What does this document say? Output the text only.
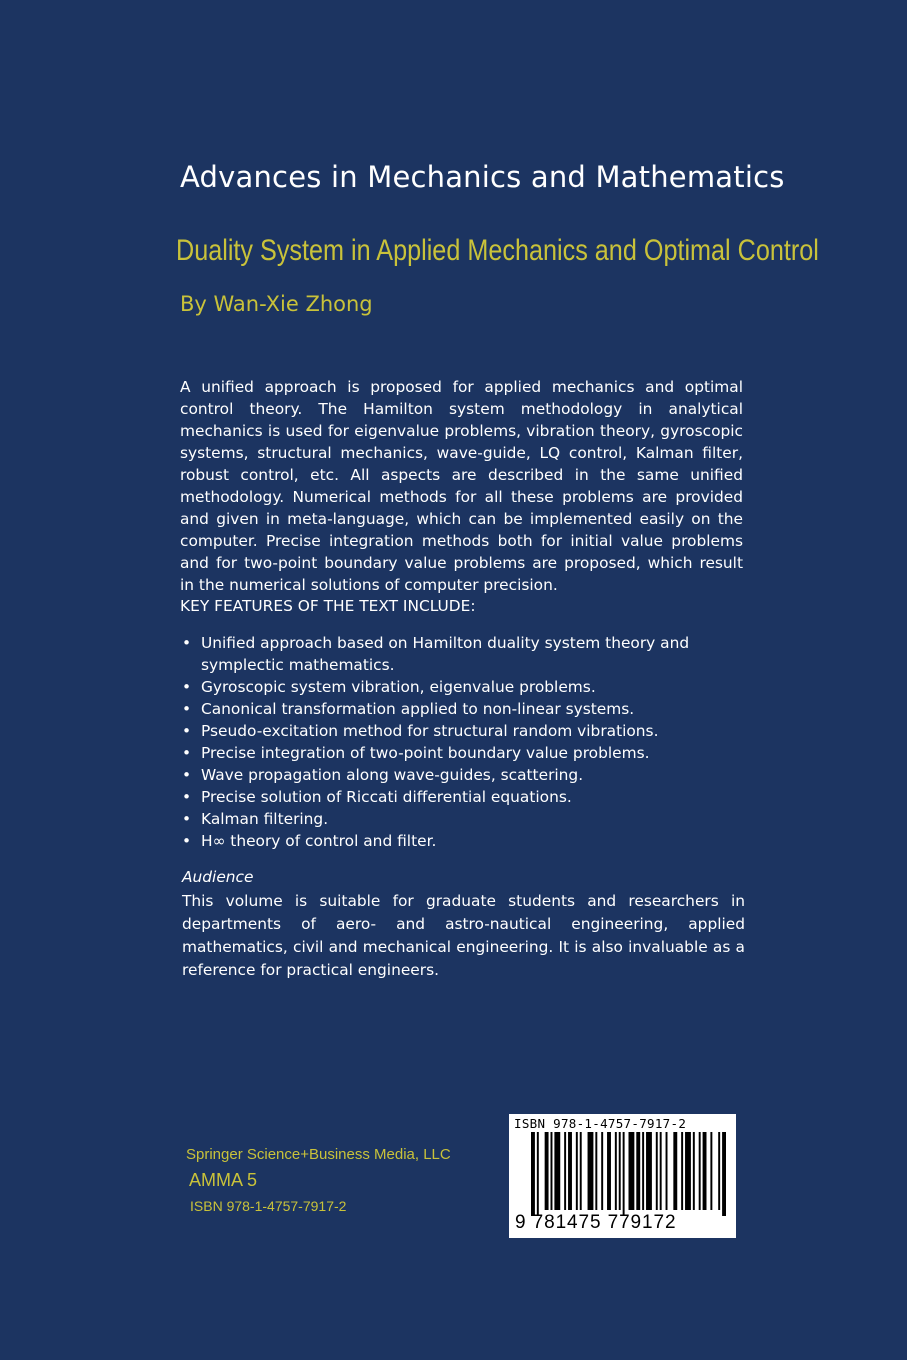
Advances in Mechanics and Mathematics
Duality System in Applied Mechanics and Optimal Control
By Wan-Xie Zhong

A unified approach is proposed for applied mechanics and optimal control theory. The Hamilton system methodology in analytical mechanics is used for eigenvalue problems, vibration theory, gyroscopic systems, structural mechanics, wave-guide, LQ control, Kalman filter, robust control, etc. All aspects are described in the same unified methodology. Numerical methods for all these problems are provided and given in meta-language, which can be implemented easily on the computer. Precise integration methods both for initial value problems and for two-point boundary value problems are proposed, which result in the numerical solutions of computer precision.

KEY FEATURES OF THE TEXT INCLUDE:
• Unified approach based on Hamilton duality system theory and symplectic mathematics.
• Gyroscopic system vibration, eigenvalue problems.
• Canonical transformation applied to non-linear systems.
• Pseudo-excitation method for structural random vibrations.
• Precise integration of two-point boundary value problems.
• Wave propagation along wave-guides, scattering.
• Precise solution of Riccati differential equations.
• Kalman filtering.
• H∞ theory of control and filter.
Audience

This volume is suitable for graduate students and researchers in departments of aero- and astro-nautical engineering, applied mathematics, civil and mechanical engineering. It is also invaluable as a reference for practical engineers.

Springer Science+Business Media, LLC
AMMA 5
ISBN 978-1-4757-7917-2
ISBN 978-1-4757-7917-2
9 781475 779172
